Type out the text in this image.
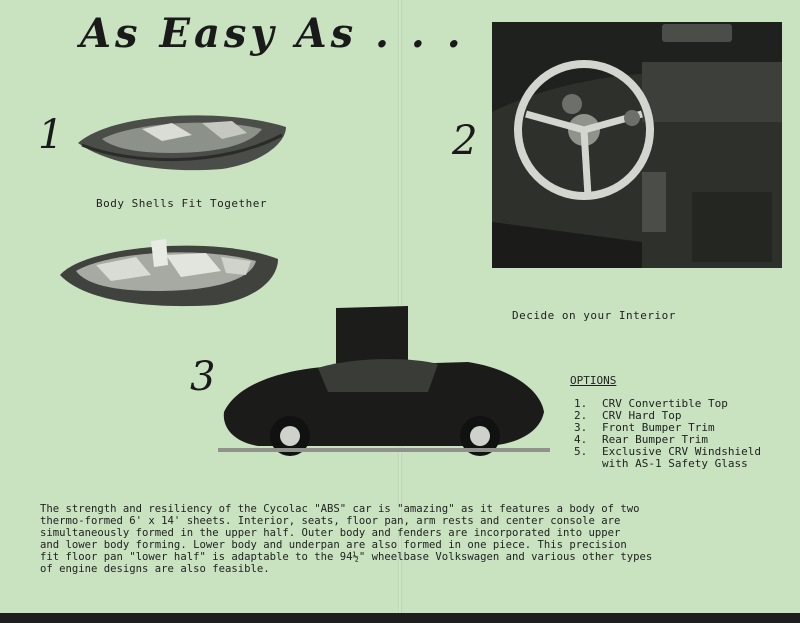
As Easy As . . .
1
Body Shells Fit Together
2
Decide on your Interior
3	OPTIONS
1.	CRV Convertible Top
2.	CRV Hard Top
3.	Front Bumper Trim
4.	Rear Bumper Trim
5.	Exclusive CRV Windshield
with AS-1 Safety Glass

The strength and resiliency of the Cycolac "ABS" car is "amazing" as it features a body of two
thermo-formed 6' x 14' sheets. Interior, seats, floor pan, arm rests and center console are
simultaneously formed in the upper half. Outer body and fenders are incorporated into upper
and lower body forming. Lower body and underpan are also formed in one piece. This precision
fit floor pan "lower half" is adaptable to the 94½" wheelbase Volkswagen and various other types
of engine designs are also feasible.
